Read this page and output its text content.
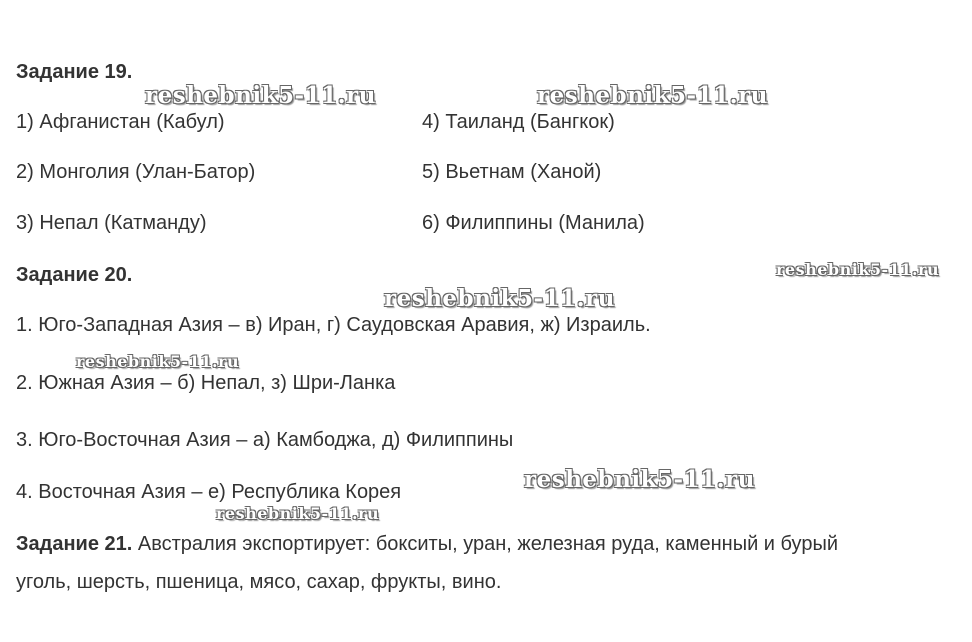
Задание 19.
1) Афганистан (Кабул)
2) Монголия (Улан-Батор)
3) Непал (Катманду)
4) Таиланд (Бангкок)
5) Вьетнам (Ханой)
6) Филиппины (Манила)
Задание 20.
1. Юго-Западная Азия – в) Иран, г) Саудовская Аравия, ж) Израиль.
2. Южная Азия – б) Непал, з) Шри-Ланка
3. Юго-Восточная Азия – а) Камбоджа, д) Филиппины
4. Восточная Азия – е) Республика Корея
Задание 21. Австралия экспортирует: бокситы, уран, железная руда, каменный и бурый
уголь, шерсть, пшеница, мясо, сахар, фрукты, вино.
reshebnik5-11.ru	reshebnik5-11.ru
reshebnik5-11.ru
reshebnik5-11.ru
reshebnik5-11.ru
reshebnik5-11.ru
reshebnik5-11.ru
